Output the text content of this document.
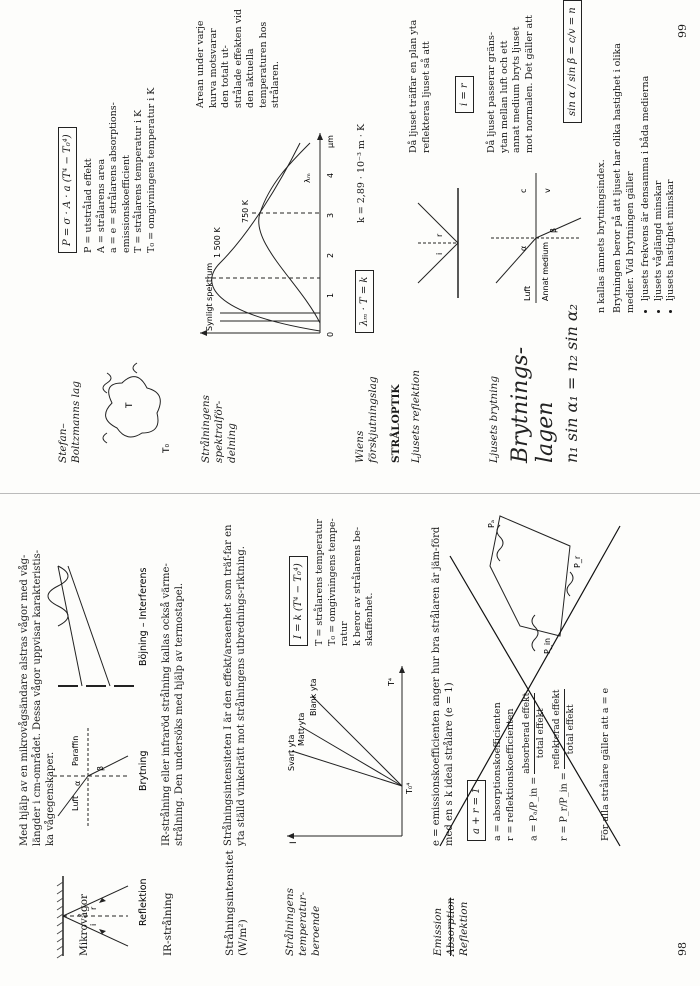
Mikrovågor
Med hjälp av en mikrovågsändare alstras vågor med våg-längder i cm-området. Dessa vågor uppvisar karakteristis-ka vågegenskaper.
i
r
Luft
Paraffin
α
β
Reflektion
Brytning
Böjning – Interferens
IR-strålning
IR-strålning eller infraröd strålning kallas också värme-strålning. Den undersöks med hjälp av termostapel.
Strålningsintensitet (W/m²)
Strålningsintensiteten I är den effekt/areaenhet som träf-far en yta ställd vinkelrätt mot strålningens utbrednings-riktning.
Strålningens temperatur-beroende
I
Svart yta
Matt yta
Blank yta	T⁴
T₀⁴
I = k (T⁴ − T₀⁴)	T = strålarens temperatur T₀ = omgivningens tempe-ratur k beror av strålarens be-skaffenhet.
Emission Absorption
Reflektion
e = emissionskoefficienten anger hur bra strålaren är jäm-förd med en s k ideal strålare (e = 1)	a + r = 1	a = absorptionskoefficienten r = reflektionskoefficienten	a = Pₐ/P_in =
absorberad effekt total effekt
r = P_r/P_in =
reflekterad effekt total effekt	För alla strålare gäller att a = e
P_in
Pₐ
P_r
98
Stefan–Boltzmanns lag	T
T₀
P = σ · A · a (T⁴ − T₀⁴)	P = utstrålad effekt A = strålarens area a = e = strålarens absorptions-emissionskoefficient T = strålarens temperatur i K T₀ = omgivningens temperatur i K
Strålningens spektralför-delning
Synligt spektrum
1 500 K
750 K
0
1
2
3
4
μm
λₘ
Arean under varje kurva motsvarar den totalt ut-strålade effekten vid den aktuella temperaturen hos strålaren.
Wiens förskjutningslag
λₘ · T = k
k = 2,89 · 10⁻³ m · K
STRÅLOPTIK Ljusets reflektion
i
r
Då ljuset träffar en plan yta reflekteras ljuset så att	i = r
Ljusets brytning Brytnings- lagen n₁ sin α₁ = n₂ sin α₂
Luft Annat medium
α
β
c v
Då ljuset passerar gräns-ytan mellan luft och ett annat medium bryts ljuset mot normalen. Det gäller att	sin α / sin β = c/v = n
n kallas ämnets brytningsindex. Brytningen beror på att ljuset har olika hastighet i olika medier. Vid brytningen gäller • ljusets frekvens är densamma i båda medierna • ljusets våglängd minskar • ljusets hastighet minskar
99
